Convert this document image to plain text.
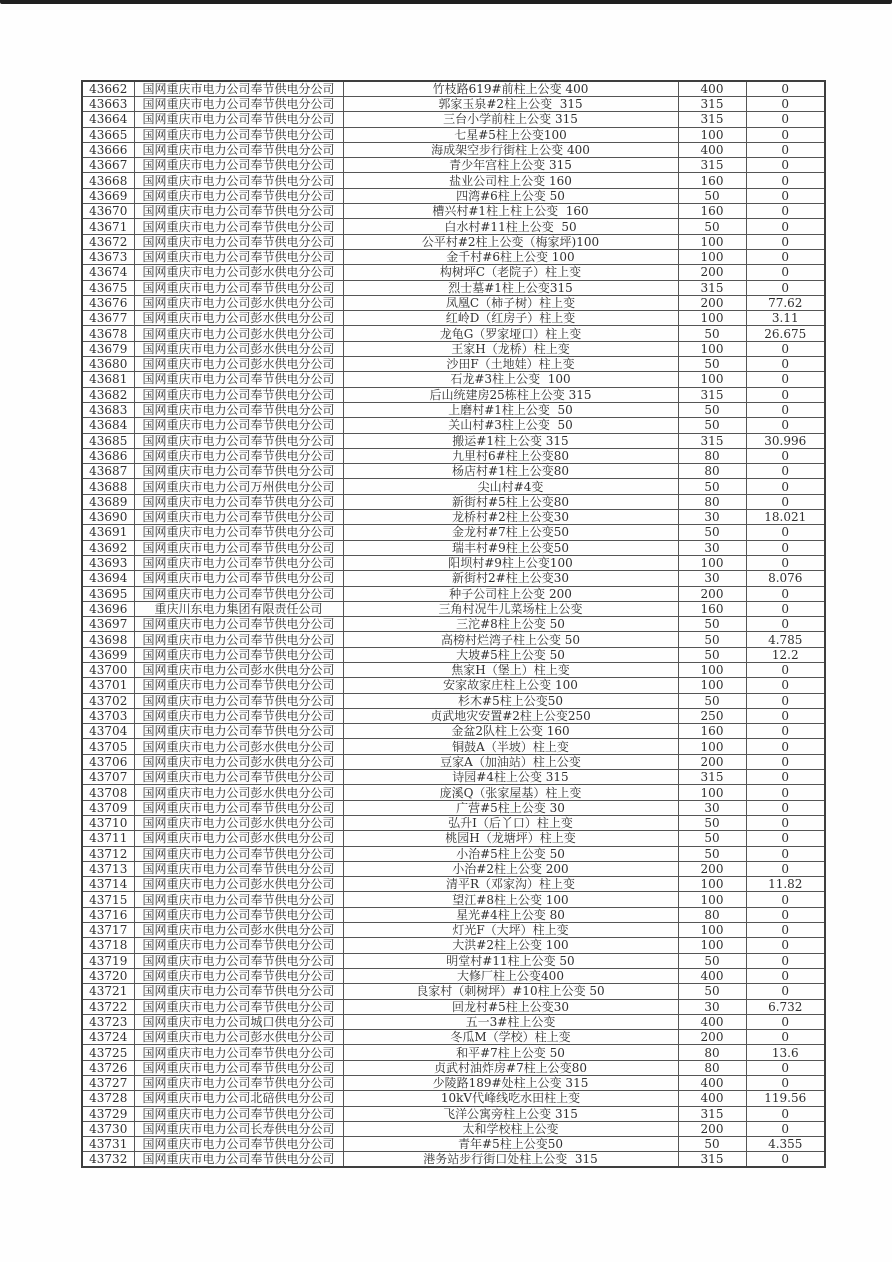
43662	国网重庆市电力公司奉节供电分公司	竹枝路619#前柱上公变 400	400	0
43663	国网重庆市电力公司奉节供电分公司	郭家玉泉#2柱上公变  315	315	0
43664	国网重庆市电力公司奉节供电分公司	三台小学前柱上公变 315	315	0
43665	国网重庆市电力公司奉节供电分公司	七星#5柱上公变100	100	0
43666	国网重庆市电力公司奉节供电分公司	海成架空步行街柱上公变 400	400	0
43667	国网重庆市电力公司奉节供电分公司	青少年宫柱上公变 315	315	0
43668	国网重庆市电力公司奉节供电分公司	盐业公司柱上公变 160	160	0
43669	国网重庆市电力公司奉节供电分公司	四湾#6柱上公变 50	50	0
43670	国网重庆市电力公司奉节供电分公司	槽兴村#1柱上柱上公变  160	160	0
43671	国网重庆市电力公司奉节供电分公司	白水村#11柱上公变  50	50	0
43672	国网重庆市电力公司奉节供电分公司	公平村#2柱上公变（梅家坪)100	100	0
43673	国网重庆市电力公司奉节供电分公司	金千村#6柱上公变 100	100	0
43674	国网重庆市电力公司彭水供电分公司	构树坪C（老院子）柱上变	200	0
43675	国网重庆市电力公司奉节供电分公司	烈士墓#1柱上公变315	315	0
43676	国网重庆市电力公司彭水供电分公司	凤凰C（柿子树）柱上变	200	77.62
43677	国网重庆市电力公司彭水供电分公司	红岭D（红房子）柱上变	100	3.11
43678	国网重庆市电力公司彭水供电分公司	龙龟G（罗家垭口）柱上变	50	26.675
43679	国网重庆市电力公司彭水供电分公司	王家H（龙桥）柱上变	100	0
43680	国网重庆市电力公司彭水供电分公司	沙田F（土地娃）柱上变	50	0
43681	国网重庆市电力公司奉节供电分公司	石龙#3柱上公变  100	100	0
43682	国网重庆市电力公司奉节供电分公司	后山统建房25栋柱上公变 315	315	0
43683	国网重庆市电力公司奉节供电分公司	上磨村#1柱上公变  50	50	0
43684	国网重庆市电力公司奉节供电分公司	关山村#3柱上公变  50	50	0
43685	国网重庆市电力公司奉节供电分公司	搬运#1柱上公变 315	315	30.996
43686	国网重庆市电力公司奉节供电分公司	九里村6#柱上公变80	80	0
43687	国网重庆市电力公司奉节供电分公司	杨店村#1柱上公变80	80	0
43688	国网重庆市电力公司万州供电分公司	尖山村#4变	50	0
43689	国网重庆市电力公司奉节供电分公司	新街村#5柱上公变80	80	0
43690	国网重庆市电力公司奉节供电分公司	龙桥村#2柱上公变30	30	18.021
43691	国网重庆市电力公司奉节供电分公司	金龙村#7柱上公变50	50	0
43692	国网重庆市电力公司奉节供电分公司	瑞丰村#9柱上公变50	30	0
43693	国网重庆市电力公司奉节供电分公司	阳坝村#9柱上公变100	100	0
43694	国网重庆市电力公司奉节供电分公司	新街村2#柱上公变30	30	8.076
43695	国网重庆市电力公司奉节供电分公司	种子公司柱上公变 200	200	0
43696	重庆川东电力集团有限责任公司	三角村况牛儿菜场柱上公变	160	0
43697	国网重庆市电力公司奉节供电分公司	三沱#8柱上公变 50	50	0
43698	国网重庆市电力公司奉节供电分公司	高榜村烂湾子柱上公变 50	50	4.785
43699	国网重庆市电力公司奉节供电分公司	大坡#5柱上公变 50	50	12.2
43700	国网重庆市电力公司彭水供电分公司	焦家H（堡上）柱上变	100	0
43701	国网重庆市电力公司奉节供电分公司	安家故家庄柱上公变 100	100	0
43702	国网重庆市电力公司奉节供电分公司	杉木#5柱上公变50	50	0
43703	国网重庆市电力公司奉节供电分公司	贞武地灾安置#2柱上公变250	250	0
43704	国网重庆市电力公司奉节供电分公司	金盆2队柱上公变 160	160	0
43705	国网重庆市电力公司彭水供电分公司	铜鼓A（半坡）柱上变	100	0
43706	国网重庆市电力公司彭水供电分公司	豆家A（加油站）柱上公变	200	0
43707	国网重庆市电力公司奉节供电分公司	诗园#4柱上公变 315	315	0
43708	国网重庆市电力公司彭水供电分公司	庞溪Q（张家屋基）柱上变	100	0
43709	国网重庆市电力公司奉节供电分公司	广营#5柱上公变 30	30	0
43710	国网重庆市电力公司彭水供电分公司	弘升I（后丫口）柱上变	50	0
43711	国网重庆市电力公司彭水供电分公司	桃园H（龙塘坪）柱上变	50	0
43712	国网重庆市电力公司奉节供电分公司	小治#5柱上公变 50	50	0
43713	国网重庆市电力公司奉节供电分公司	小治#2柱上公变 200	200	0
43714	国网重庆市电力公司彭水供电分公司	清平R（邓家沟）柱上变	100	11.82
43715	国网重庆市电力公司奉节供电分公司	望江#8柱上公变 100	100	0
43716	国网重庆市电力公司奉节供电分公司	星光#4柱上公变 80	80	0
43717	国网重庆市电力公司彭水供电分公司	灯光F（大坪）柱上变	100	0
43718	国网重庆市电力公司奉节供电分公司	大洪#2柱上公变 100	100	0
43719	国网重庆市电力公司奉节供电分公司	明堂村#11柱上公变 50	50	0
43720	国网重庆市电力公司奉节供电分公司	大修厂柱上公变400	400	0
43721	国网重庆市电力公司奉节供电分公司	良家村（刺树坪）#10柱上公变 50	50	0
43722	国网重庆市电力公司奉节供电分公司	回龙村#5柱上公变30	30	6.732
43723	国网重庆市电力公司城口供电分公司	五一3#柱上公变	400	0
43724	国网重庆市电力公司彭水供电分公司	冬瓜M（学校）柱上变	200	0
43725	国网重庆市电力公司奉节供电分公司	和平#7柱上公变 50	80	13.6
43726	国网重庆市电力公司奉节供电分公司	贞武村油炸房#7柱上公变80	80	0
43727	国网重庆市电力公司奉节供电分公司	少陵路189#处柱上公变 315	400	0
43728	国网重庆市电力公司北碚供电分公司	10kV代峰线吃水田柱上变	400	119.56
43729	国网重庆市电力公司奉节供电分公司	飞洋公寓旁柱上公变 315	315	0
43730	国网重庆市电力公司长寿供电分公司	太和学校柱上公变	200	0
43731	国网重庆市电力公司奉节供电分公司	青年#5柱上公变50	50	4.355
43732	国网重庆市电力公司奉节供电分公司	港务站步行街口处柱上公变  315	315	0
